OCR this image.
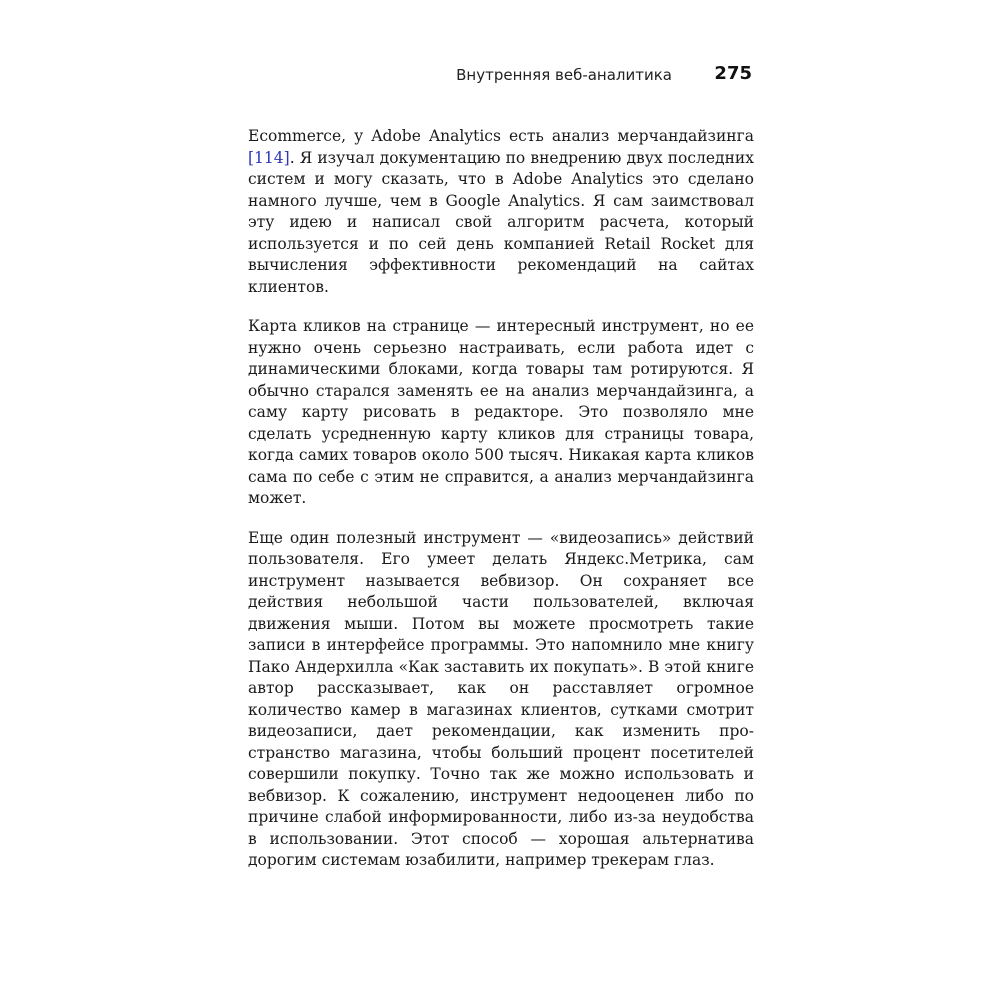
Внутренняя веб-аналитика 275

Ecommerce, у Adobe Analytics есть анализ мерчандайзинга [114]. Я изучал документацию по внедрению двух последних систем и могу сказать, что в Adobe Analytics это сделано намного лучше, чем в Google Analytics. Я сам заимствовал эту идею и написал свой алгоритм расчета, который используется и по сей день компанией Retail Rocket для вычисления эффективности рекомендаций на сайтах клиентов.

Карта кликов на странице — интересный инструмент, но ее нужно очень серьезно настраивать, если работа идет с динамическими блоками, когда товары там ротируются. Я обычно старался заменять ее на анализ мерчандайзинга, а саму карту рисовать в редакторе. Это позволяло мне сделать усредненную карту кликов для страницы товара, когда самих товаров около 500 тысяч. Никакая карта кликов сама по себе с этим не справится, а анализ мерчандайзинга может.

Еще один полезный инструмент — «видеозапись» действий пользователя. Его умеет делать Яндекс.Метрика, сам инструмент называется вебвизор. Он сохраняет все действия небольшой части пользователей, включая движения мыши. Потом вы можете просмотреть такие записи в интерфейсе программы. Это напомнило мне книгу Пако Андерхилла «Как заставить их покупать». В этой книге автор рассказывает, как он расставляет огромное количество камер в магазинах клиентов, сутками смотрит видеозаписи, дает рекомендации, как изменить пространство магазина, чтобы больший процент посетителей совершили покупку. Точно так же можно использовать и вебвизор. К сожалению, инструмент недооценен либо по причине слабой информированности, либо из-за неудобства в использовании. Этот способ — хорошая альтернатива дорогим системам юзабилити, например трекерам глаз.
